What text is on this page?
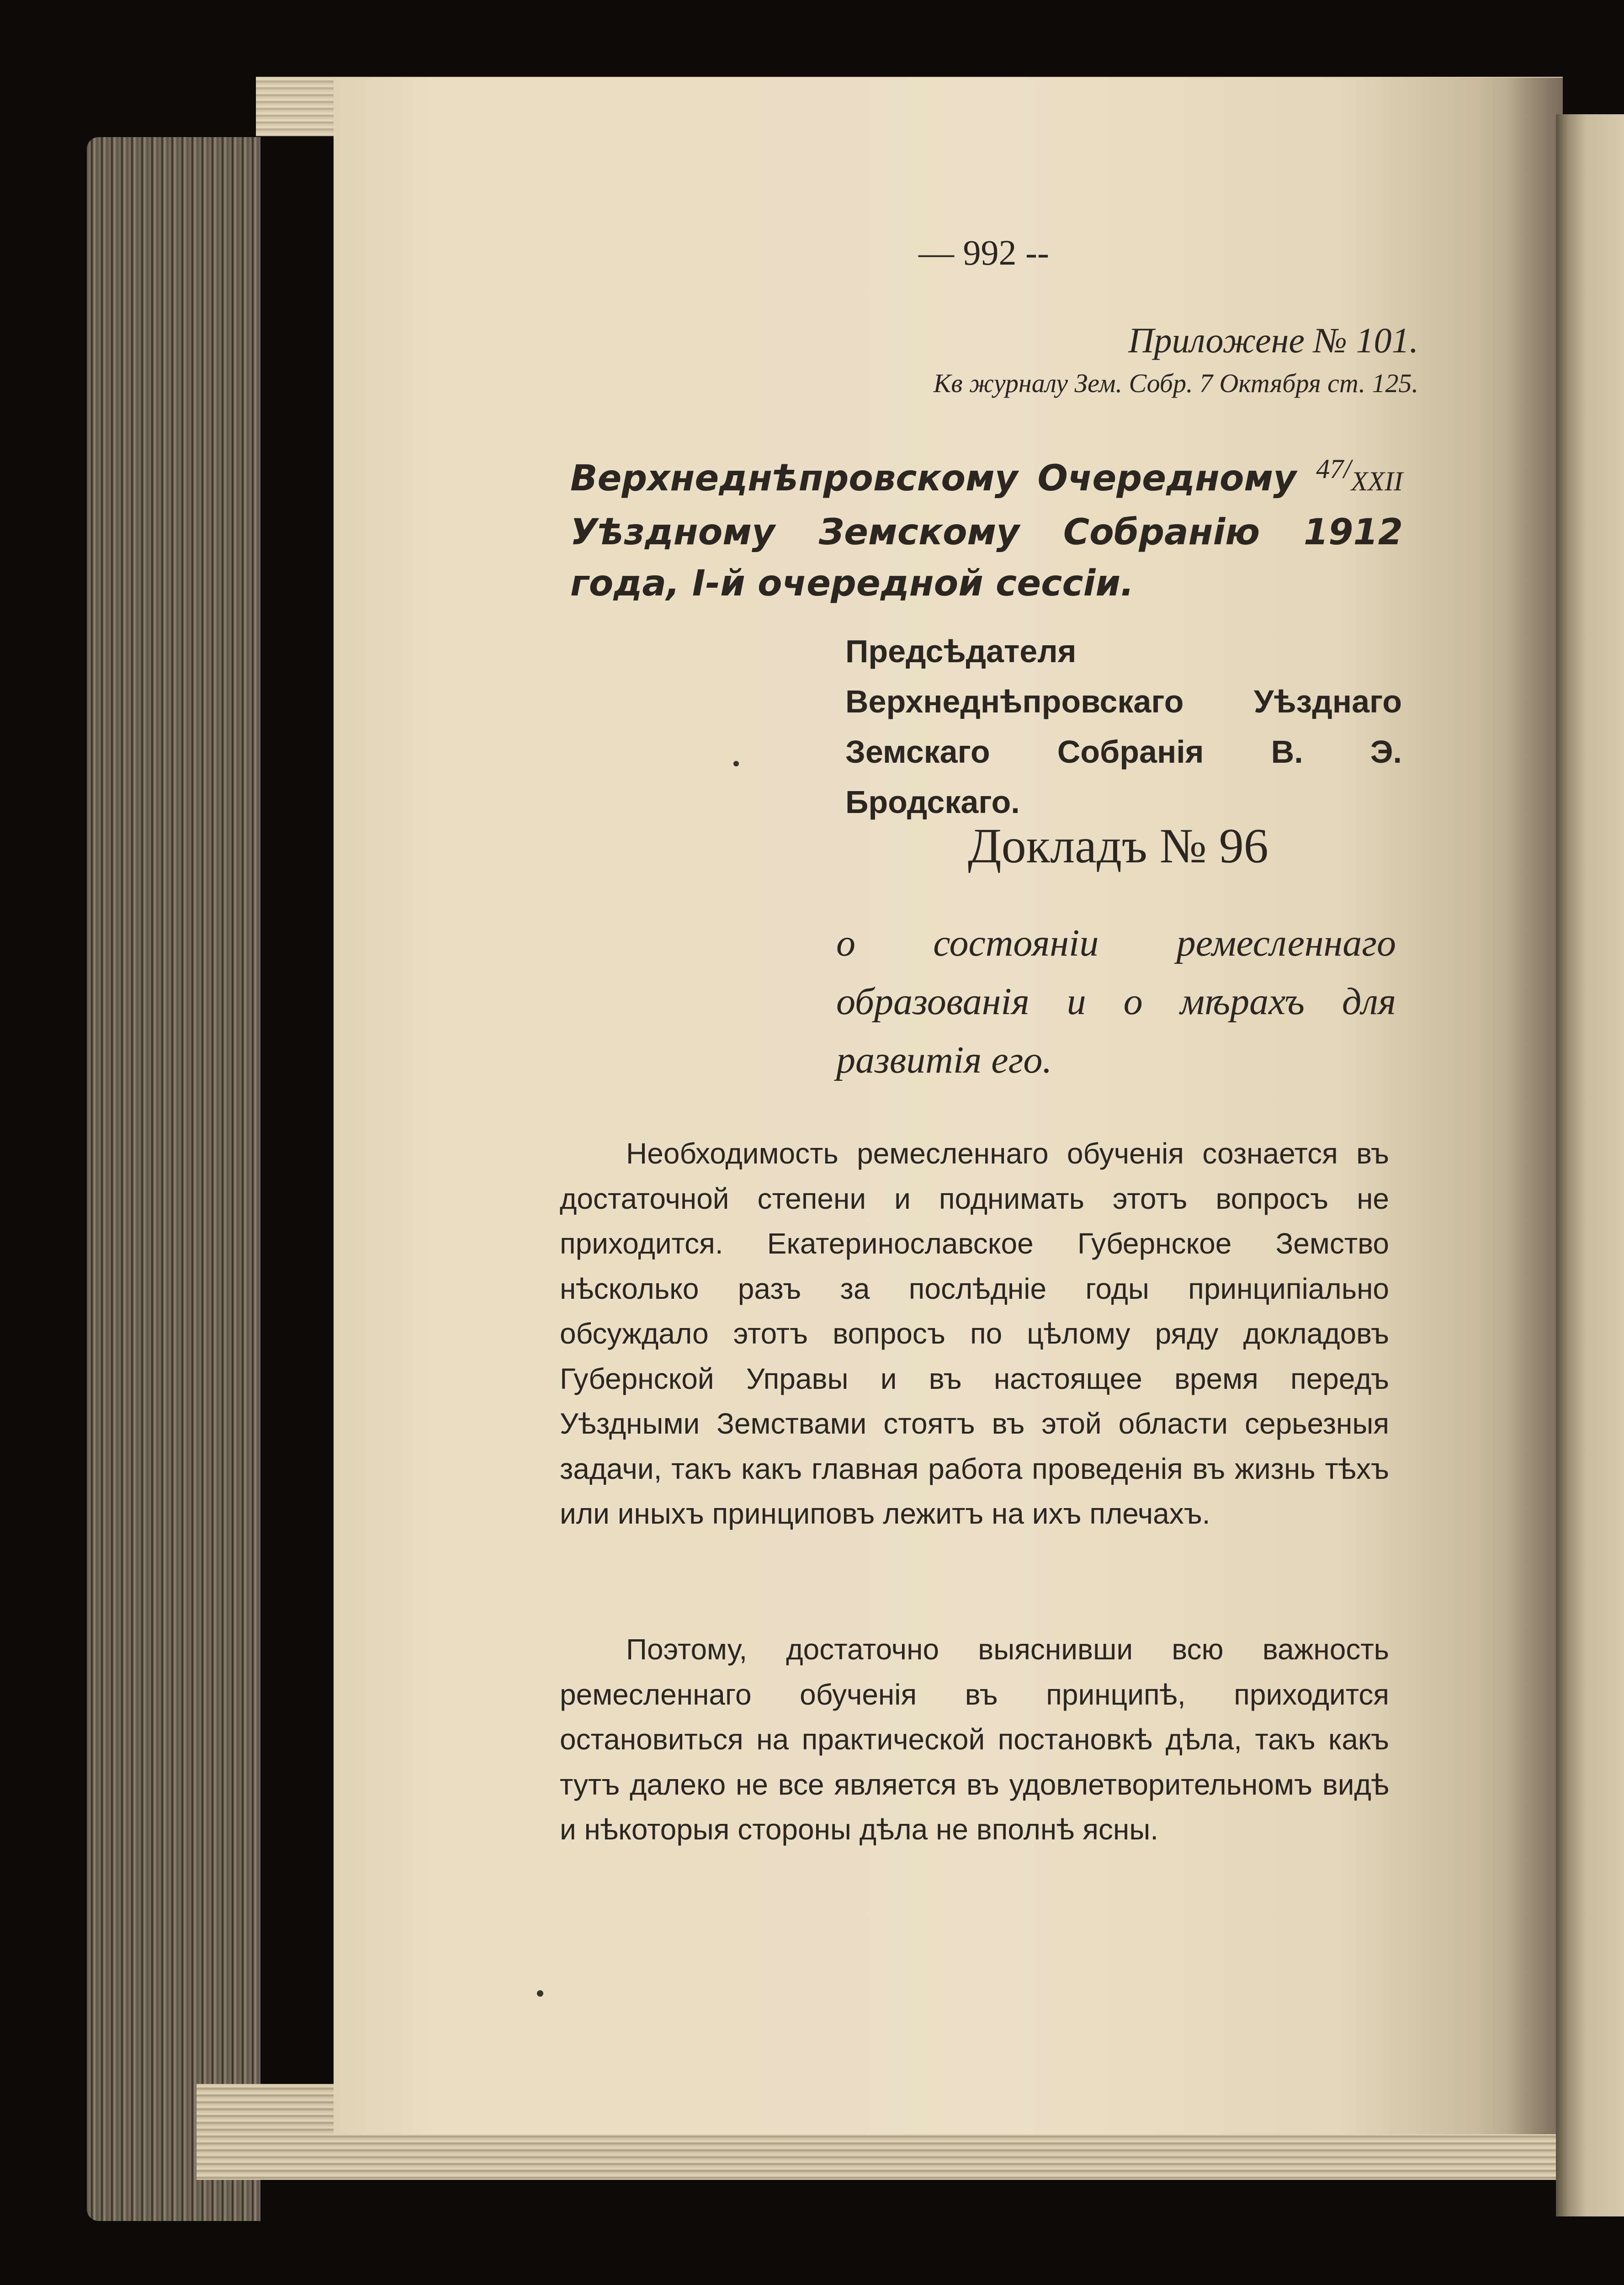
— 992 --
Приложене № 101.
Кв журналу Зем. Собр. 7 Октября ст. 125.
Верхнеднѣпровскому Очередному $^{47/}$XXII Уѣздному Земскому Собранію 1912 года, I-й очередной сессіи.
Предсѣдателя Верхнеднѣпровскаго Уѣзднаго Земскаго Собранія В. Э. Бродскаго.
Докладъ № 96
о состояніи ремесленнаго образованія и о мѣрахъ для развитія его.

Необходимость ремесленнаго обученія сознается въ достаточной степени и поднимать этотъ вопросъ не приходится. Екатеринославское Губернское Земство нѣсколько разъ за послѣдніе годы принципіально обсуждало этотъ вопросъ по цѣлому ряду докладовъ Губернской Управы и въ настоящее время передъ Уѣздными Земствами стоятъ въ этой области серьезныя задачи, такъ какъ главная работа проведенія въ жизнь тѣхъ или иныхъ принциповъ лежитъ на ихъ плечахъ.

Поэтому, достаточно выяснивши всю важность ремесленнаго обученія въ принципѣ, приходится остановиться на практической постановкѣ дѣла, такъ какъ тутъ далеко не все является въ удовлетворительномъ видѣ и нѣкоторыя стороны дѣла не вполнѣ ясны.
